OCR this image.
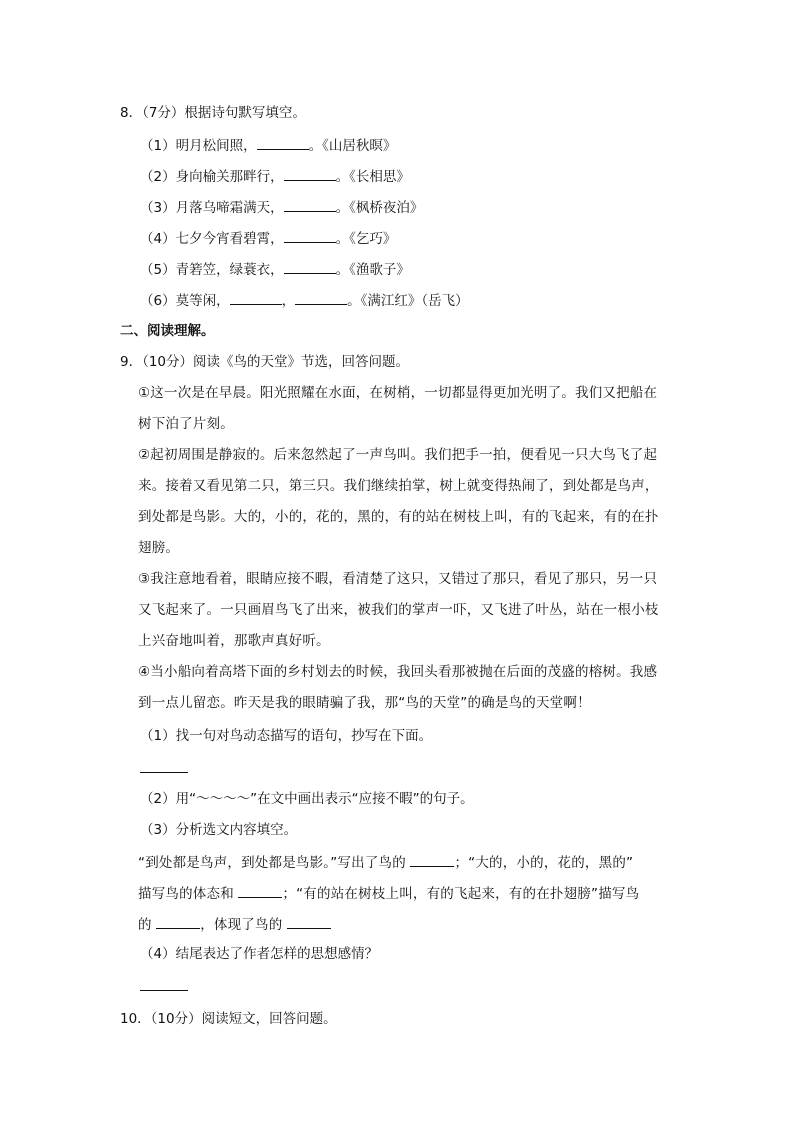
8．（7分）根据诗句默写填空。
（1）明月松间照，	。《山居秋暝》
（2）身向榆关那畔行，	。《长相思》
（3）月落乌啼霜满天，	。《枫桥夜泊》
（4）七夕今宵看碧霄，	。《乞巧》
（5）青箬笠，绿蓑衣，	。《渔歌子》
（6）莫等闲，	，	。《满江红》（岳飞）
二、阅读理解。
9．（10分）阅读《鸟的天堂》节选，回答问题。
①这一次是在早晨。阳光照耀在水面，在树梢，一切都显得更加光明了。我们又把船在
树下泊了片刻。
②起初周围是静寂的。后来忽然起了一声鸟叫。我们把手一拍，便看见一只大鸟飞了起
来。接着又看见第二只，第三只。我们继续拍掌，树上就变得热闹了，到处都是鸟声，
到处都是鸟影。大的，小的，花的，黑的，有的站在树枝上叫，有的飞起来，有的在扑
翅膀。
③我注意地看着，眼睛应接不暇，看清楚了这只，又错过了那只，看见了那只，另一只
又飞起来了。一只画眉鸟飞了出来，被我们的掌声一吓，又飞进了叶丛，站在一根小枝
上兴奋地叫着，那歌声真好听。
④当小船向着高塔下面的乡村划去的时候，我回头看那被抛在后面的茂盛的榕树。我感
到一点儿留恋。昨天是我的眼睛骗了我，那“鸟的天堂”的确是鸟的天堂啊！
（1）找一句对鸟动态描写的语句，抄写在下面。
（2）用“～～～～”在文中画出表示“应接不暇”的句子。
（3）分析选文内容填空。
“到处都是鸟声，到处都是鸟影。”写出了鸟的	；“大的，小的，花的，黑的”
描写鸟的体态和	；“有的站在树枝上叫，有的飞起来，有的在扑翅膀”描写鸟
的	，体现了鸟的
（4）结尾表达了作者怎样的思想感情？
10．（10分）阅读短文，回答问题。
